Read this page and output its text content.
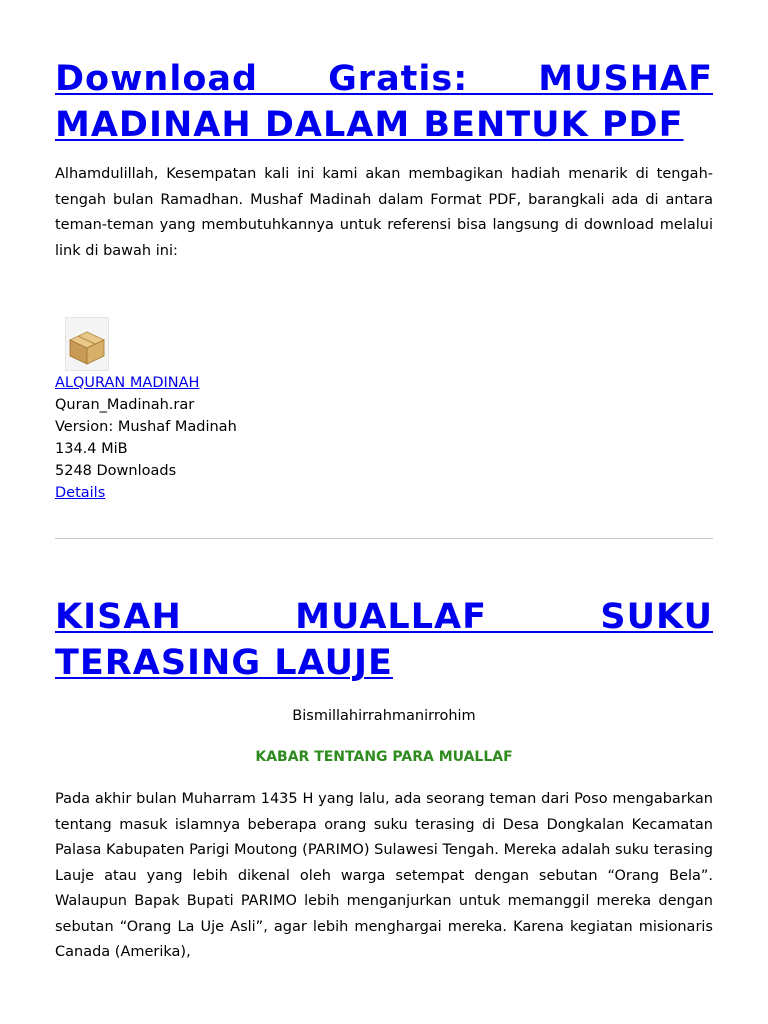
Download Gratis: MUSHAF MADINAH DALAM BENTUK PDF

Alhamdulillah, Kesempatan kali ini kami akan membagikan hadiah menarik di tengah-tengah bulan Ramadhan. Mushaf Madinah dalam Format PDF, barangkali ada di antara teman-teman yang membutuhkannya untuk referensi bisa langsung di download melalui link di bawah ini:

ALQURAN MADINAH
Quran_Madinah.rar
Version: Mushaf Madinah
134.4 MiB
5248 Downloads
Details
KISAH MUALLAF SUKU TERASING LAUJE
Bismillahirrahmanirrohim
KABAR TENTANG PARA MUALLAF

Pada akhir bulan Muharram 1435 H yang lalu, ada seorang teman dari Poso mengabarkan tentang masuk islamnya beberapa orang suku terasing di Desa Dongkalan Kecamatan Palasa Kabupaten Parigi Moutong (PARIMO) Sulawesi Tengah. Mereka adalah suku terasing Lauje atau yang lebih dikenal oleh warga setempat dengan sebutan “Orang Bela”. Walaupun Bapak Bupati PARIMO lebih menganjurkan untuk memanggil mereka dengan sebutan “Orang La Uje Asli”, agar lebih menghargai mereka. Karena kegiatan misionaris Canada (Amerika),
